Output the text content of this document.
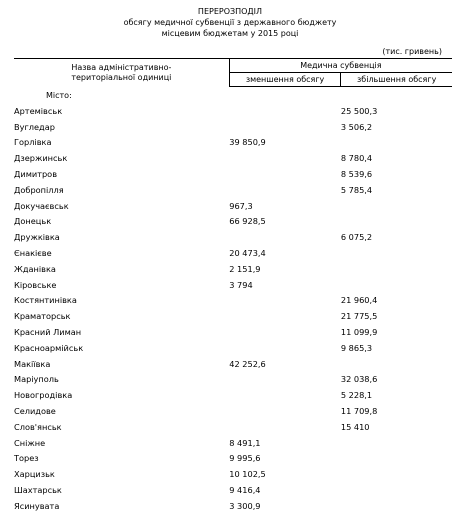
ПЕРЕРОЗПОДІЛ
обсягу медичної субвенції з державного бюджету
місцевим бюджетам у 2015 році
(тис. гривень)
Назва адміністративно-
територіальної одиниці	Медична субвенція	
	зменшення обсягу	збільшення обсягу
Місто:		
Артемівськ		25 500,3
Вугледар		3 506,2
Горлівка	39 850,9	
Дзержинськ		8 780,4
Димитров		8 539,6
Добропілля		5 785,4
Докучаєвськ	967,3	
Донецьк	66 928,5	
Дружківка		6 075,2
Єнакієве	20 473,4	
Жданівка	2 151,9	
Кіровське	3 794	
Костянтинівка		21 960,4
Краматорськ		21 775,5
Красний Лиман		11 099,9
Красноармійськ		9 865,3
Макіївка	42 252,6	
Маріуполь		32 038,6
Новогродівка		5 228,1
Селидове		11 709,8
Слов'янськ		15 410
Сніжне	8 491,1	
Торез	9 995,6	
Харцизьк	10 102,5	
Шахтарськ	9 416,4	
Ясинувата	3 300,9	
